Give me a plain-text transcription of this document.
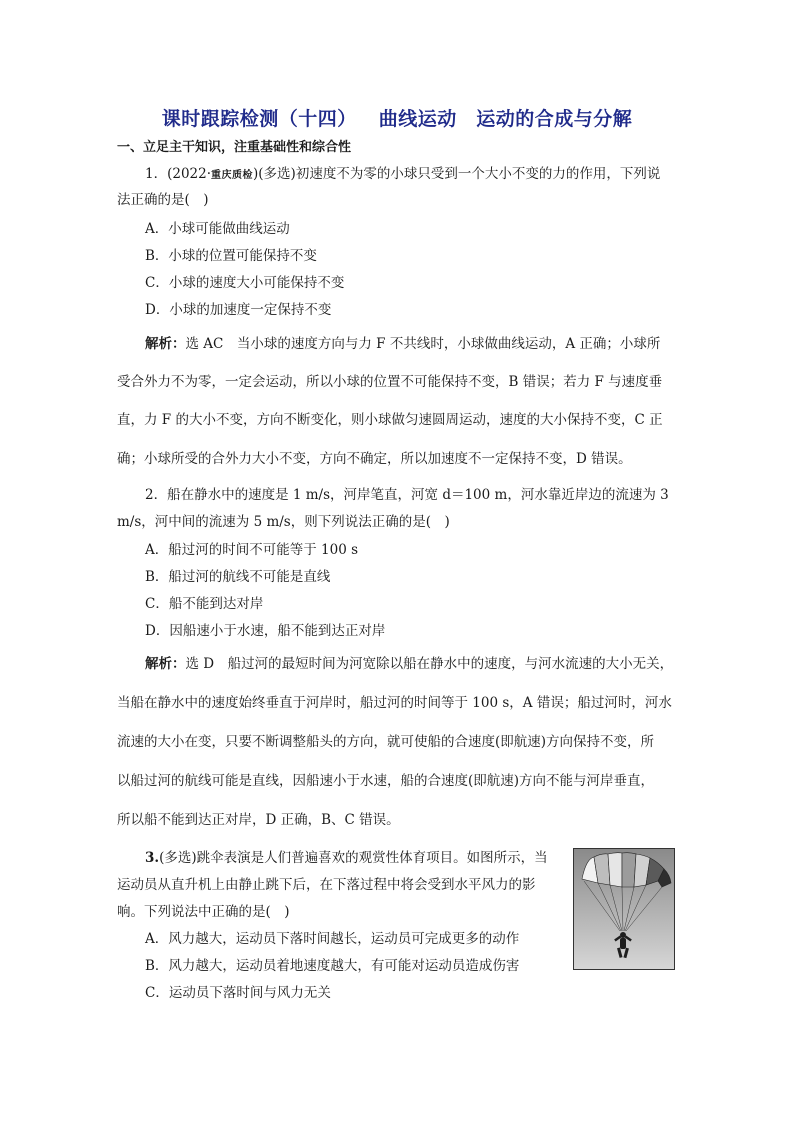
课时跟踪检测（十四） 曲线运动　运动的合成与分解
一、立足主干知识，注重基础性和综合性
1．(2022·重庆质检)(多选)初速度不为零的小球只受到一个大小不变的力的作用，下列说
法正确的是(　)
A．小球可能做曲线运动
B．小球的位置可能保持不变
C．小球的速度大小可能保持不变
D．小球的加速度一定保持不变
解析：选 AC　当小球的速度方向与力 F 不共线时，小球做曲线运动，A 正确；小球所
受合外力不为零，一定会运动，所以小球的位置不可能保持不变，B 错误；若力 F 与速度垂
直，力 F 的大小不变，方向不断变化，则小球做匀速圆周运动，速度的大小保持不变，C 正
确；小球所受的合外力大小不变，方向不确定，所以加速度不一定保持不变，D 错误。
2．船在静水中的速度是 1 m/s，河岸笔直，河宽 d＝100 m，河水靠近岸边的流速为 3
m/s，河中间的流速为 5 m/s，则下列说法正确的是(　)
A．船过河的时间不可能等于 100 s
B．船过河的航线不可能是直线
C．船不能到达对岸
D．因船速小于水速，船不能到达正对岸
解析：选 D　船过河的最短时间为河宽除以船在静水中的速度，与河水流速的大小无关，
当船在静水中的速度始终垂直于河岸时，船过河的时间等于 100 s，A 错误；船过河时，河水
流速的大小在变，只要不断调整船头的方向，就可使船的合速度(即航速)方向保持不变，所
以船过河的航线可能是直线，因船速小于水速，船的合速度(即航速)方向不能与河岸垂直，
所以船不能到达正对岸，D 正确，B、C 错误。
3.(多选)跳伞表演是人们普遍喜欢的观赏性体育项目。如图所示，当
运动员从直升机上由静止跳下后，在下落过程中将会受到水平风力的影
响。下列说法中正确的是(　)
A．风力越大，运动员下落时间越长，运动员可完成更多的动作
B．风力越大，运动员着地速度越大，有可能对运动员造成伤害
C．运动员下落时间与风力无关
